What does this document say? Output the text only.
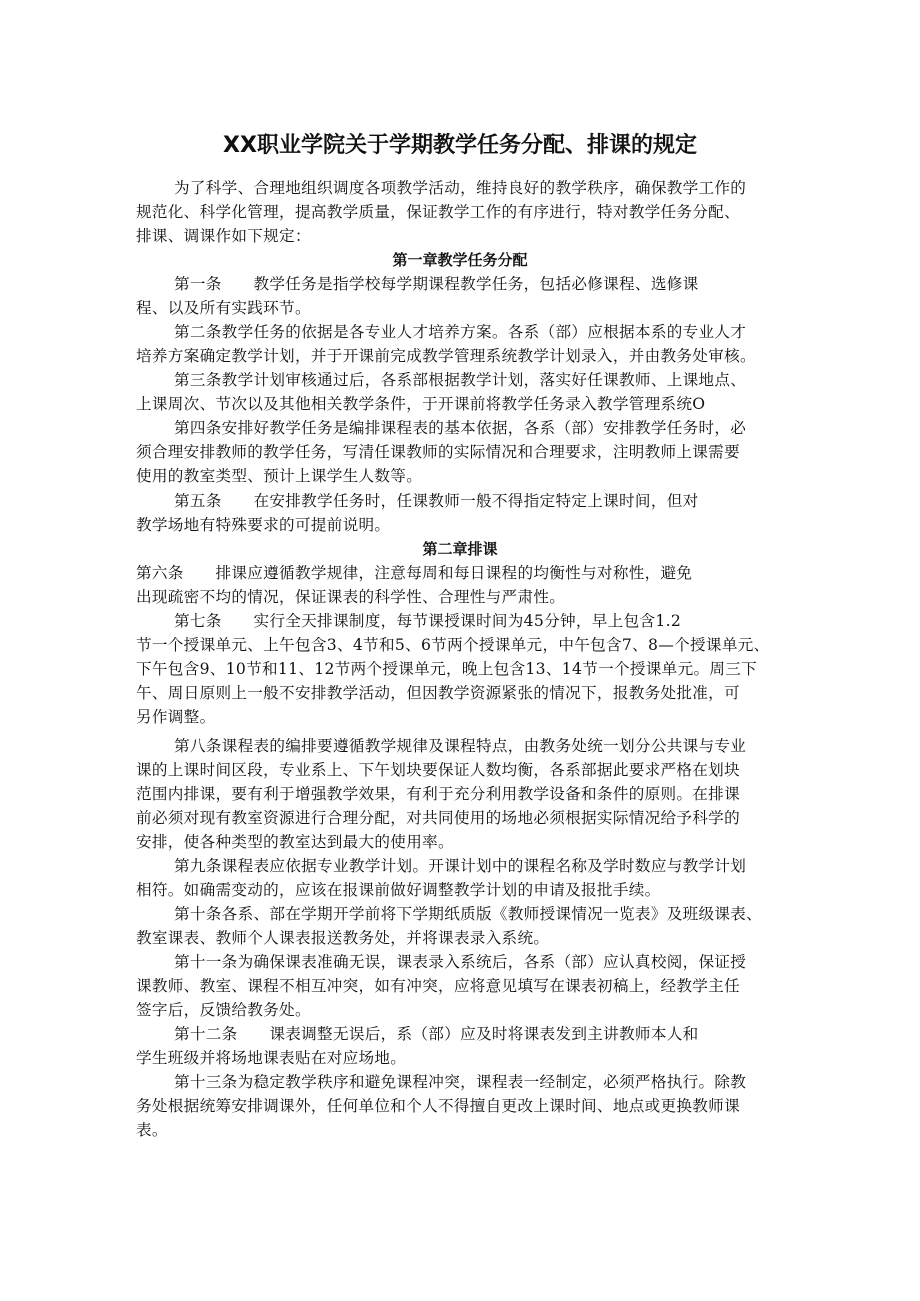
XX职业学院关于学期教学任务分配、排课的规定

为了科学、合理地组织调度各项教学活动，维持良好的教学秩序，确保教学工作的

规范化、科学化管理，提高教学质量，保证教学工作的有序进行，特对教学任务分配、

排课、调课作如下规定：

第一章教学任务分配

第一条　　教学任务是指学校每学期课程教学任务，包括必修课程、选修课

程、以及所有实践环节。

第二条教学任务的依据是各专业人才培养方案。各系（部）应根据本系的专业人才

培养方案确定教学计划，并于开课前完成教学管理系统教学计划录入，并由教务处审核。

第三条教学计划审核通过后，各系部根据教学计划，落实好任课教师、上课地点、

上课周次、节次以及其他相关教学条件，于开课前将教学任务录入教学管理系统O

第四条安排好教学任务是编排课程表的基本依据，各系（部）安排教学任务时，必

须合理安排教师的教学任务，写清任课教师的实际情况和合理要求，注明教师上课需要

使用的教室类型、预计上课学生人数等。

第五条　　在安排教学任务时，任课教师一般不得指定特定上课时间，但对

教学场地有特殊要求的可提前说明。

第二章排课

第六条　　排课应遵循教学规律，注意每周和每日课程的均衡性与对称性，避免

出现疏密不均的情况，保证课表的科学性、合理性与严肃性。

第七条　　实行全天排课制度，每节课授课时间为45分钟，早上包含1.2

节一个授课单元、上午包含3、4节和5、6节两个授课单元，中午包含7、8—个授课单元、

下午包含9、10节和11、12节两个授课单元，晚上包含13、14节一个授课单元。周三下

午、周日原则上一般不安排教学活动，但因教学资源紧张的情况下，报教务处批准，可

另作调整。

第八条课程表的编排要遵循教学规律及课程特点，由教务处统一划分公共课与专业

课的上课时间区段，专业系上、下午划块要保证人数均衡，各系部据此要求严格在划块

范围内排课，要有利于增强教学效果，有利于充分利用教学设备和条件的原则。在排课

前必须对现有教室资源进行合理分配，对共同使用的场地必须根据实际情况给予科学的

安排，使各种类型的教室达到最大的使用率。

第九条课程表应依据专业教学计划。开课计划中的课程名称及学时数应与教学计划

相符。如确需变动的，应该在报课前做好调整教学计划的申请及报批手续。

第十条各系、部在学期开学前将下学期纸质版《教师授课情况一览表》及班级课表、

教室课表、教师个人课表报送教务处，并将课表录入系统。

第十一条为确保课表准确无误，课表录入系统后，各系（部）应认真校阅，保证授

课教师、教室、课程不相互冲突，如有冲突，应将意见填写在课表初稿上，经教学主任

签字后，反馈给教务处。

第十二条　　课表调整无误后，系（部）应及时将课表发到主讲教师本人和

学生班级并将场地课表贴在对应场地。

第十三条为稳定教学秩序和避免课程冲突，课程表一经制定，必须严格执行。除教

务处根据统筹安排调课外，任何单位和个人不得擅自更改上课时间、地点或更换教师课

表。
